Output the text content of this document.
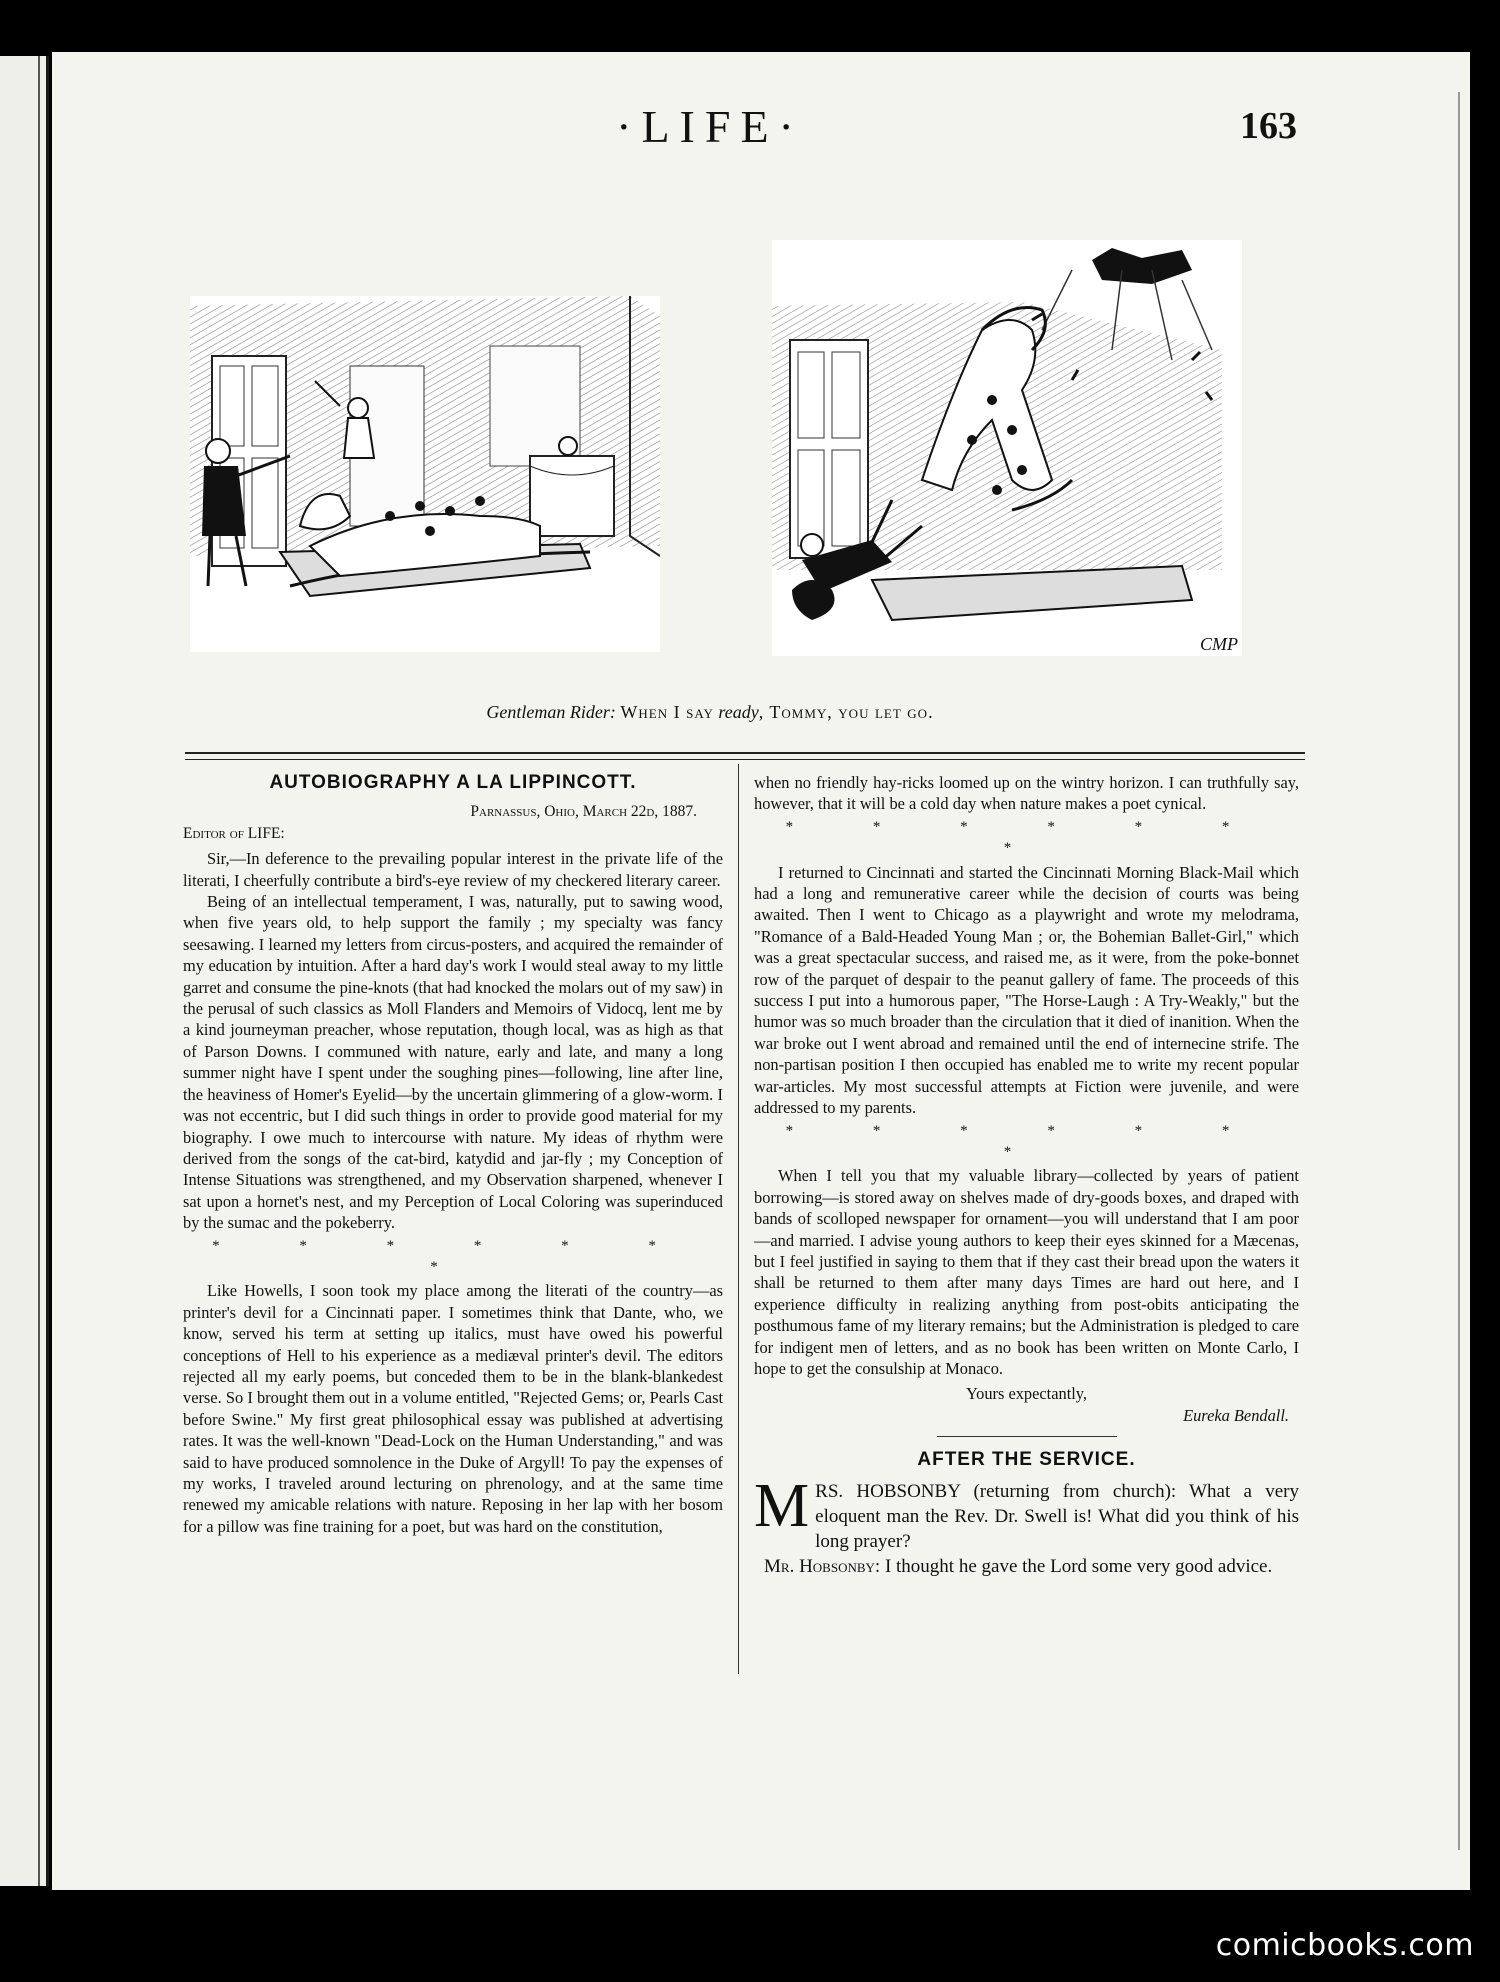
·LIFE·	163
CMP
Gentleman Rider: When I say ready, Tommy, you let go.
AUTOBIOGRAPHY A LA LIPPINCOTT.
Parnassus, Ohio, March 22d, 1887.
Editor of LIFE:

Sir,—In deference to the prevailing popular interest in the private life of the literati, I cheerfully contribute a bird's-eye review of my checkered literary career.

Being of an intellectual temperament, I was, naturally, put to sawing wood, when five years old, to help support the family ; my specialty was fancy seesawing. I learned my letters from circus-posters, and acquired the remainder of my education by intuition. After a hard day's work I would steal away to my little garret and consume the pine-knots (that had knocked the molars out of my saw) in the perusal of such classics as Moll Flanders and Memoirs of Vidocq, lent me by a kind journeyman preacher, whose reputation, though local, was as high as that of Parson Downs. I communed with nature, early and late, and many a long summer night have I spent under the soughing pines—following, line after line, the heaviness of Homer's Eyelid—by the uncertain glimmering of a glow-worm. I was not eccentric, but I did such things in order to provide good material for my biography. I owe much to intercourse with nature. My ideas of rhythm were derived from the songs of the cat-bird, katydid and jar-fly ; my Conception of Intense Situations was strengthened, and my Observation sharpened, whenever I sat upon a hornet's nest, and my Perception of Local Coloring was superinduced by the sumac and the pokeberry.

* * * * * * *

Like Howells, I soon took my place among the literati of the country—as printer's devil for a Cincinnati paper. I sometimes think that Dante, who, we know, served his term at setting up italics, must have owed his powerful conceptions of Hell to his experience as a mediæval printer's devil. The editors rejected all my early poems, but conceded them to be in the blank-blankedest verse. So I brought them out in a volume entitled, "Rejected Gems; or, Pearls Cast before Swine." My first great philosophical essay was published at advertising rates. It was the well-known "Dead-Lock on the Human Understanding," and was said to have produced somnolence in the Duke of Argyll! To pay the expenses of my works, I traveled around lecturing on phrenology, and at the same time renewed my amicable relations with nature. Reposing in her lap with her bosom for a pillow was fine training for a poet, but was hard on the constitution,

when no friendly hay-ricks loomed up on the wintry horizon. I can truthfully say, however, that it will be a cold day when nature makes a poet cynical.

* * * * * * *

I returned to Cincinnati and started the Cincinnati Morning Black-Mail which had a long and remunerative career while the decision of courts was being awaited. Then I went to Chicago as a playwright and wrote my melodrama, "Romance of a Bald-Headed Young Man ; or, the Bohemian Ballet-Girl," which was a great spectacular success, and raised me, as it were, from the poke-bonnet row of the parquet of despair to the peanut gallery of fame. The proceeds of this success I put into a humorous paper, "The Horse-Laugh : A Try-Weakly," but the humor was so much broader than the circulation that it died of inanition. When the war broke out I went abroad and remained until the end of internecine strife. The non-partisan position I then occupied has enabled me to write my recent popular war-articles. My most successful attempts at Fiction were juvenile, and were addressed to my parents.

* * * * * * *

When I tell you that my valuable library—collected by years of patient borrowing—is stored away on shelves made of dry-goods boxes, and draped with bands of scolloped newspaper for ornament—you will understand that I am poor—and married. I advise young authors to keep their eyes skinned for a Mæcenas, but I feel justified in saying to them that if they cast their bread upon the waters it shall be returned to them after many days Times are hard out here, and I experience difficulty in realizing anything from post-obits anticipating the posthumous fame of my literary remains; but the Administration is pledged to care for indigent men of letters, and as no book has been written on Monte Carlo, I hope to get the consulship at Monaco.

Yours expectantly,
Eureka Bendall.
AFTER THE SERVICE.
MRS. HOBSONBY (returning from church): What a very eloquent man the Rev. Dr. Swell is! What did you think of his long prayer?
Mr. Hobsonby: I thought he gave the Lord some very good advice.
comicbooks.com
